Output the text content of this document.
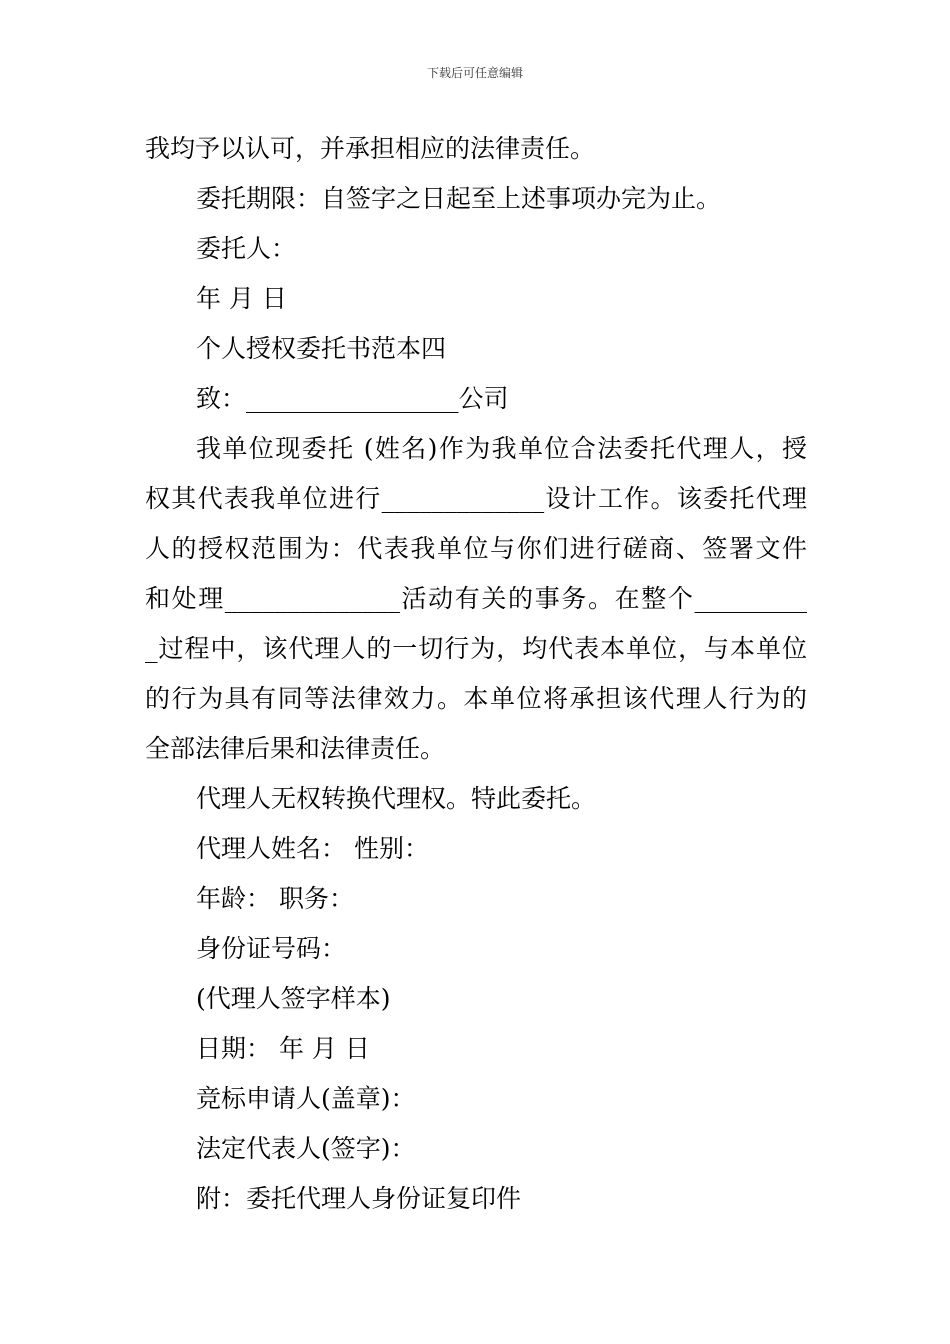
下载后可任意编辑
我均予以认可，并承担相应的法律责任。
委托期限：自签字之日起至上述事项办完为止。
委托人：
年 月 日
个人授权委托书范本四
致：_________________公司
我单位现委托 (姓名)作为我单位合法委托代理人，授
权其代表我单位进行_____________设计工作。该委托代理
人的授权范围为：代表我单位与你们进行磋商、签署文件
和处理______________活动有关的事务。在整个_________
_过程中，该代理人的一切行为，均代表本单位，与本单位
的行为具有同等法律效力。本单位将承担该代理人行为的
全部法律后果和法律责任。
代理人无权转换代理权。特此委托。
代理人姓名： 性别：
年龄： 职务：
身份证号码：
(代理人签字样本)
日期： 年 月 日
竞标申请人(盖章)：
法定代表人(签字)：
附：委托代理人身份证复印件
